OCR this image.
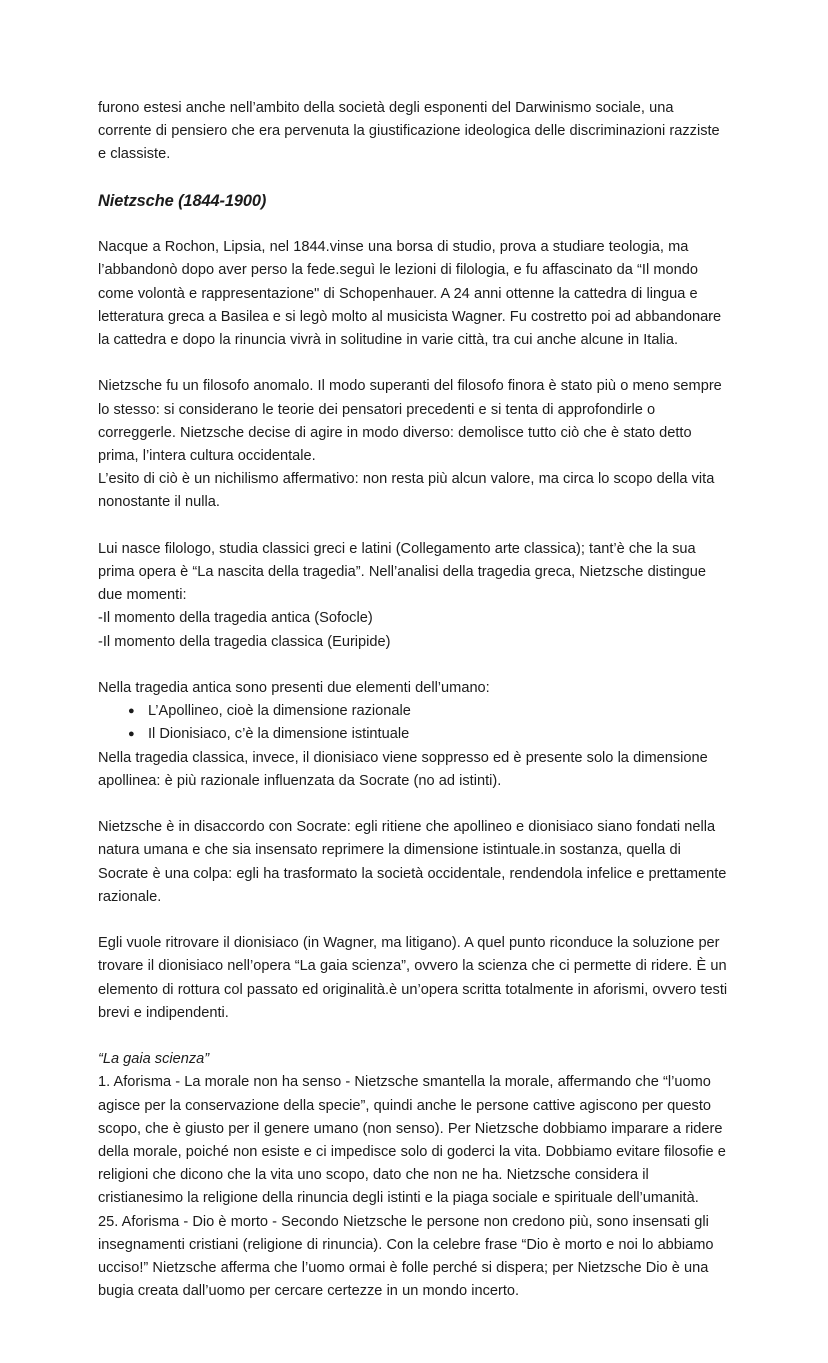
furono estesi anche nell’ambito della società degli esponenti del Darwinismo sociale, una corrente di pensiero che era pervenuta la giustificazione ideologica delle discriminazioni razziste e classiste.

Nietzsche (1844-1900)

Nacque a Rochon, Lipsia, nel 1844.vinse una borsa di studio, prova a studiare teologia, ma l’abbandonò dopo aver perso la fede.seguì le lezioni di filologia, e fu affascinato da “Il mondo come volontà e rappresentazione" di Schopenhauer. A 24 anni ottenne la cattedra di lingua e letteratura greca a Basilea e si legò molto al musicista Wagner. Fu costretto poi ad abbandonare la cattedra e dopo la rinuncia vivrà in solitudine in varie città, tra cui anche alcune in Italia.

Nietzsche fu un filosofo anomalo. Il modo superanti del filosofo finora è stato più o meno sempre lo stesso: si considerano le teorie dei pensatori precedenti e si tenta di approfondirle o correggerle. Nietzsche decise di agire in modo diverso: demolisce tutto ciò che è stato detto prima, l’intera cultura occidentale.

L’esito di ciò è un nichilismo affermativo: non resta più alcun valore, ma circa lo scopo della vita nonostante il nulla.

Lui nasce filologo, studia classici greci e latini (Collegamento arte classica); tant’è che la sua prima opera è “La nascita della tragedia”. Nell’analisi della tragedia greca, Nietzsche distingue due momenti:

-Il momento della tragedia antica (Sofocle)

-Il momento della tragedia classica (Euripide)

Nella tragedia antica sono presenti due elementi dell’umano:

● L’Apollineo, cioè la dimensione razionale
● Il Dionisiaco, c’è la dimensione istintuale

Nella tragedia classica, invece, il dionisiaco viene soppresso ed è presente solo la dimensione apollinea: è più razionale influenzata da Socrate (no ad istinti).

Nietzsche è in disaccordo con Socrate: egli ritiene che apollineo e dionisiaco siano fondati nella natura umana e che sia insensato reprimere la dimensione istintuale.in sostanza, quella di Socrate è una colpa: egli ha trasformato la società occidentale, rendendola infelice e prettamente razionale.

Egli vuole ritrovare il dionisiaco (in Wagner, ma litigano). A quel punto riconduce la soluzione per trovare il dionisiaco nell’opera “La gaia scienza”, ovvero la scienza che ci permette di ridere. È un elemento di rottura col passato ed originalità.è un’opera scritta totalmente in aforismi, ovvero testi brevi e indipendenti.

“La gaia scienza”

1. Aforisma - La morale non ha senso - Nietzsche smantella la morale, affermando che “l’uomo agisce per la conservazione della specie”, quindi anche le persone cattive agiscono per questo scopo, che è giusto per il genere umano (non senso). Per Nietzsche dobbiamo imparare a ridere della morale, poiché non esiste e ci impedisce solo di goderci la vita. Dobbiamo evitare filosofie e religioni che dicono che la vita uno scopo, dato che non ne ha. Nietzsche considera il cristianesimo la religione della rinuncia degli istinti e la piaga sociale e spirituale dell’umanità.

25. Aforisma - Dio è morto - Secondo Nietzsche le persone non credono più, sono insensati gli insegnamenti cristiani (religione di rinuncia). Con la celebre frase “Dio è morto e noi lo abbiamo ucciso!” Nietzsche afferma che l’uomo ormai è folle perché si dispera; per Nietzsche Dio è una bugia creata dall’uomo per cercare certezze in un mondo incerto.
